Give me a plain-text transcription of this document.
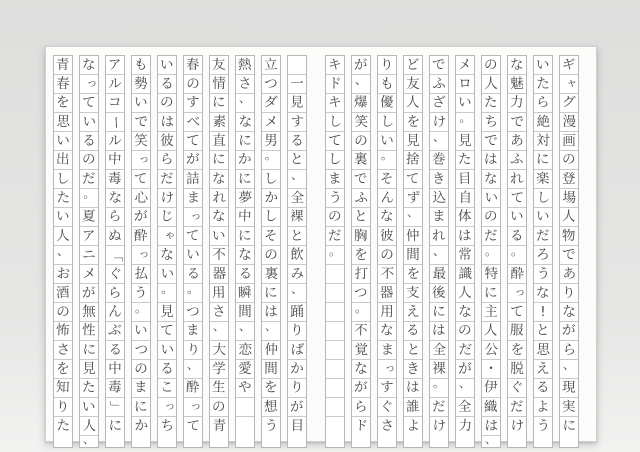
一
見
す
る
と
、
全
裸
と
飲
み
、
踊
り
ば
か
り
が
目
立
つ
ダ
メ
男
。
し
か
し
そ
の
裏
に
は
、
仲
間
を
想
う
熱
さ
、
な
に
か
に
夢
中
に
な
る
瞬
間
、
恋
愛
や
友
情
に
素
直
に
な
れ
な
い
不
器
用
さ
、
大
学
生
の
青
春
の
す
べ
て
が
詰
ま
っ
て
い
る
。
つ
ま
り
、
酔
っ
て
い
る
の
は
彼
ら
だ
け
じ
ゃ
な
い
。
見
て
い
る
こ
っ
ち
も
勢
い
で
笑
っ
て
心
が
酔
っ
払
う
。
い
つ
の
ま
に
か
ア
ル
コ
ー
ル
中
毒
な
ら
ぬ
「
ぐ
ら
ん
ぶ
る
中
毒
」
に
な
っ
て
い
る
の
だ
。
夏
ア
ニ
メ
が
無
性
に
見
た
い
人
、
青
春
を
思
い
出
し
た
い
人
、
お
酒
の
怖
さ
を
知
り
た
ギ
ャ
グ
漫
画
の
登
場
人
物
で
あ
り
な
が
ら
、
現
実
に
い
た
ら
絶
対
に
楽
し
い
だ
ろ
う
な
!
と
思
え
る
よ
う
な
魅
力
で
あ
ふ
れ
て
い
る
。
酔
っ
て
服
を
脱
ぐ
だ
け
の
人
た
ち
で
は
な
い
の
だ
。
特
に
主
人
公
・
伊
織
は
、
メ
ロ
い
。
見
た
目
自
体
は
常
識
人
な
の
だ
が
、
全
力
で
ふ
ざ
け
、
巻
き
込
ま
れ
、
最
後
に
は
全
裸
。
だ
け
ど
友
人
を
見
捨
て
ず
、
仲
間
を
支
え
る
と
き
は
誰
よ
り
も
優
し
い
。
そ
ん
な
彼
の
不
器
用
な
ま
っ
す
ぐ
さ
が
、
爆
笑
の
裏
で
ふ
と
胸
を
打
つ
。
不
覚
な
が
ら
ド
キ
ド
キ
し
て
し
ま
う
の
だ
。
